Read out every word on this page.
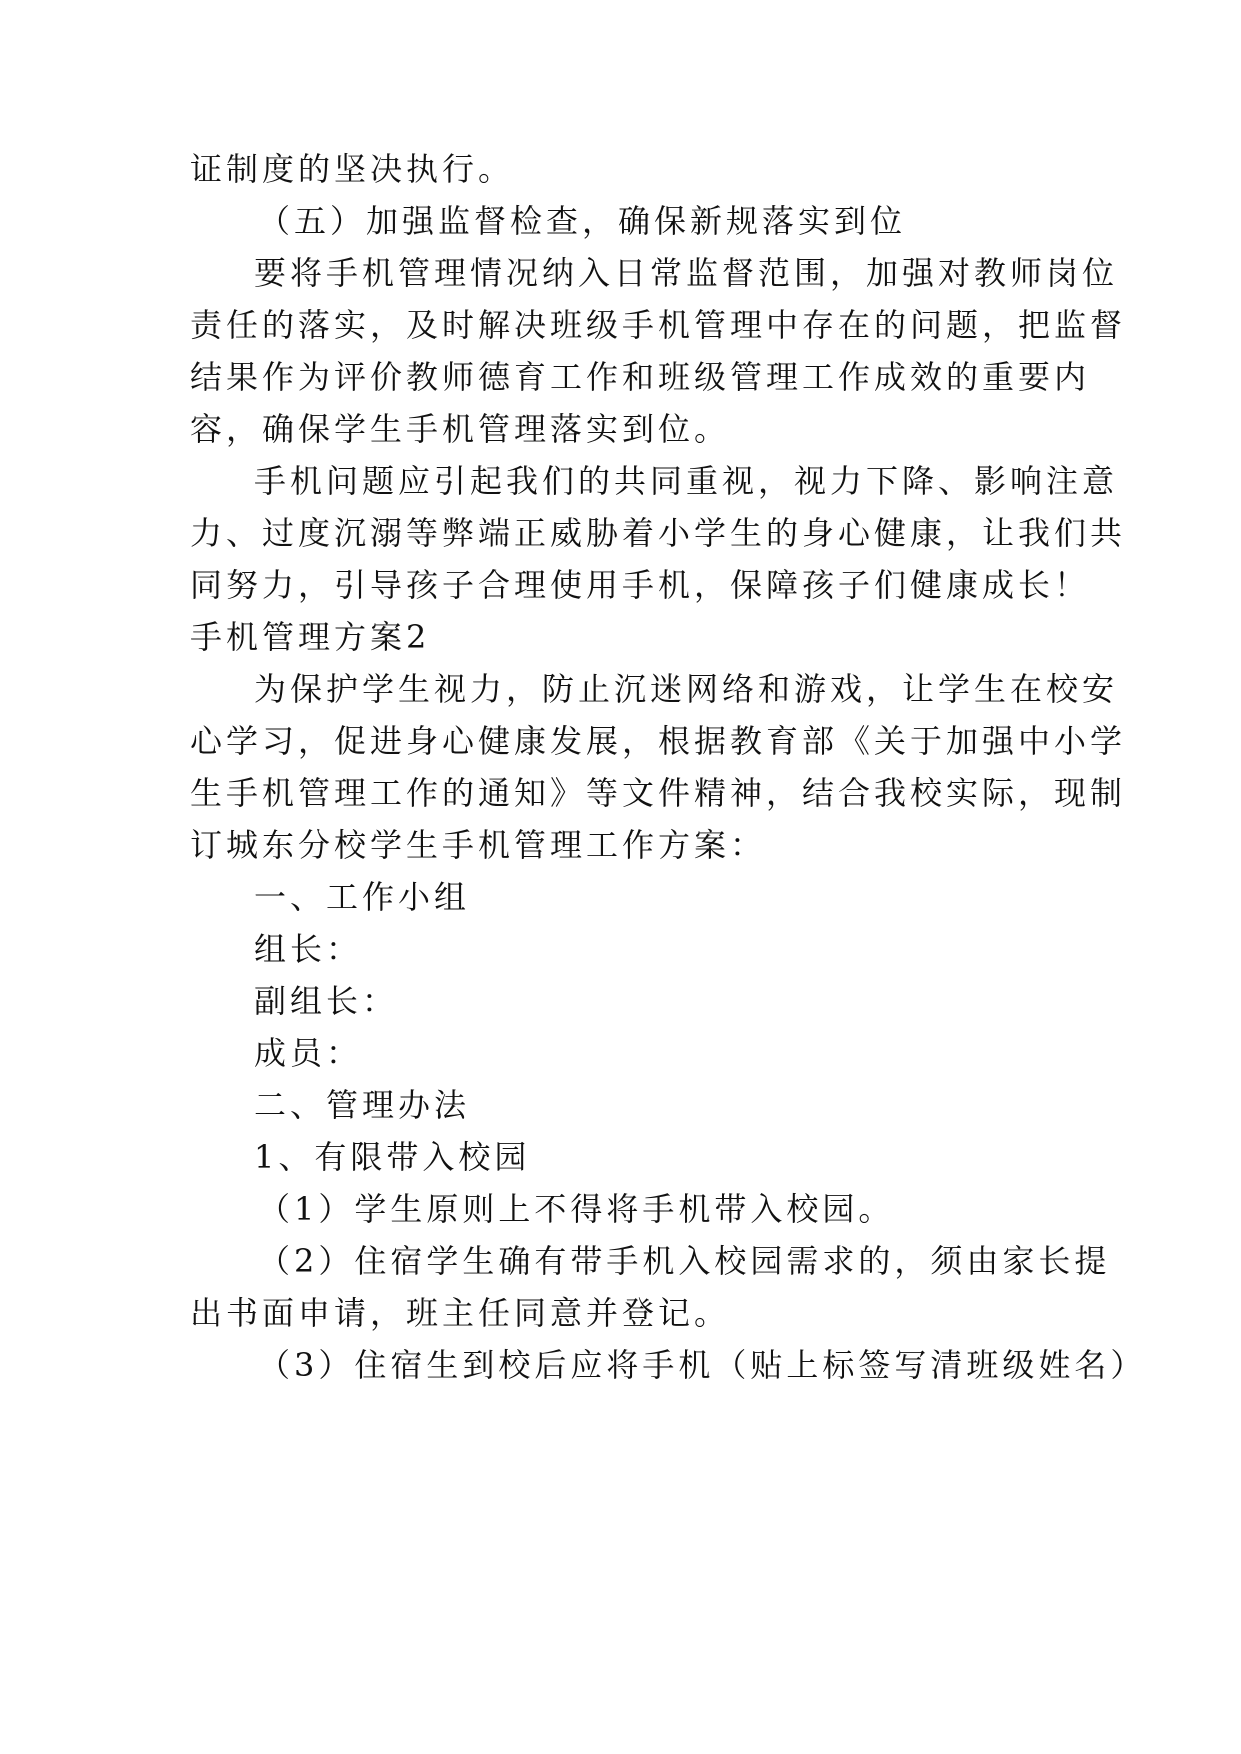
证制度的坚决执行。
（五）加强监督检查，确保新规落实到位
要将手机管理情况纳入日常监督范围，加强对教师岗位
责任的落实，及时解决班级手机管理中存在的问题，把监督
结果作为评价教师德育工作和班级管理工作成效的重要内
容，确保学生手机管理落实到位。
手机问题应引起我们的共同重视，视力下降、影响注意
力、过度沉溺等弊端正威胁着小学生的身心健康，让我们共
同努力，引导孩子合理使用手机，保障孩子们健康成长！
手机管理方案2
为保护学生视力，防止沉迷网络和游戏，让学生在校安
心学习，促进身心健康发展，根据教育部《关于加强中小学
生手机管理工作的通知》等文件精神，结合我校实际，现制
订城东分校学生手机管理工作方案：
一、工作小组
组长：
副组长：
成员：
二、管理办法
1、有限带入校园
（1）学生原则上不得将手机带入校园。
（2）住宿学生确有带手机入校园需求的，须由家长提
出书面申请，班主任同意并登记。
（3）住宿生到校后应将手机（贴上标签写清班级姓名）
